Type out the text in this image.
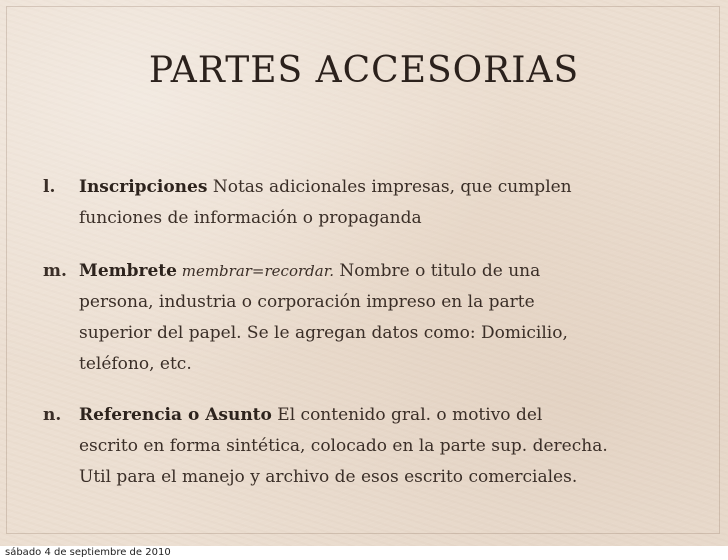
PARTES ACCESORIAS
l. Inscripciones Notas adicionales impresas, que cumplen
funciones de información o propaganda
m. Membrete membrar=recordar. Nombre o titulo de una
persona, industria o corporación impreso en la parte
superior del papel. Se le agregan datos como: Domicilio,
teléfono, etc.
n. Referencia o Asunto El contenido gral. o motivo del
escrito en forma sintética, colocado en la parte sup. derecha.
Util para el manejo y archivo de esos escrito comerciales.
sábado 4 de septiembre de 2010
